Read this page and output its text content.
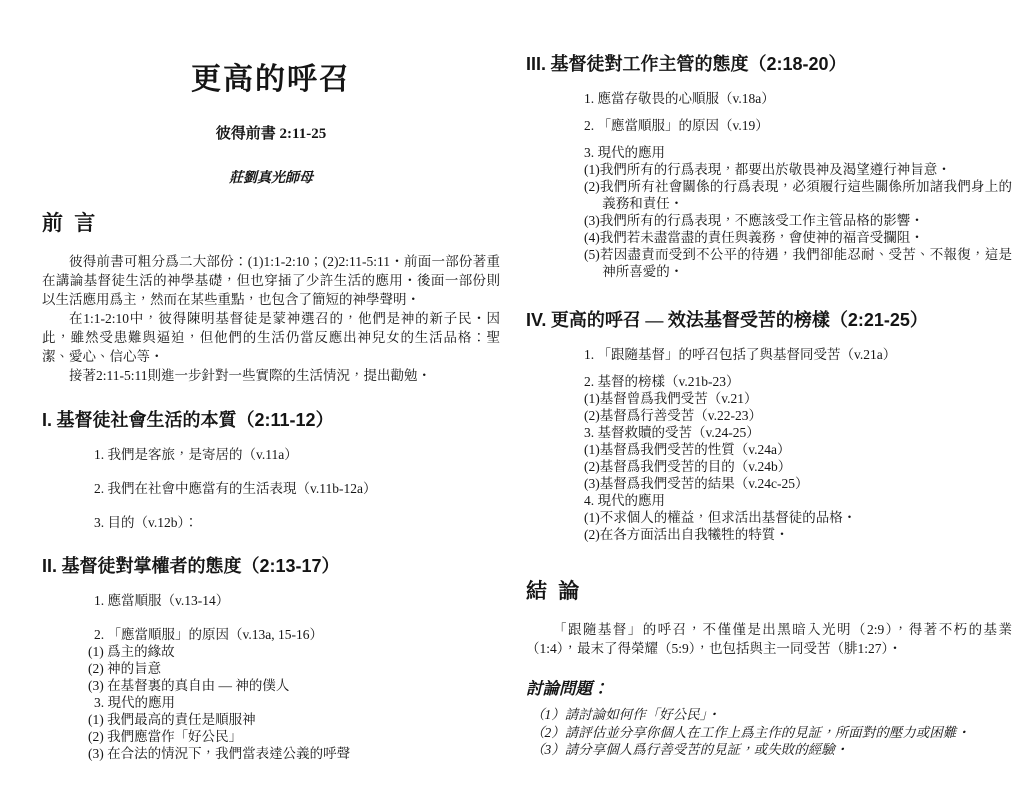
更高的呼召
彼得前書 2:11-25
莊劉真光師母
前 言

彼得前書可粗分爲二大部份：(1)1:1-2:10；(2)2:11-5:11・前面一部份著重在講論基督徒生活的神學基礎，但也穿插了少許生活的應用・後面一部份則以生活應用爲主，然而在某些重點，也包含了簡短的神學聲明・

在1:1-2:10中，彼得陳明基督徒是蒙神選召的，他們是神的新子民・因此，雖然受患難與逼迫，但他們的生活仍當反應出神兒女的生活品格：聖潔、愛心、信心等・

接著2:11-5:11則進一步針對一些實際的生活情況，提出勸勉・

I. 基督徒社會生活的本質（2:11-12）
1. 我們是客旅，是寄居的（v.11a）
2. 我們在社會中應當有的生活表現（v.11b-12a）
3. 目的（v.12b）：
II. 基督徒對掌權者的態度（2:13-17）
1. 應當順服（v.13-14）
2. 「應當順服」的原因（v.13a, 15-16）
(1) 爲主的緣故
(2) 神的旨意
(3) 在基督裏的真自由 — 神的僕人
3. 現代的應用
(1) 我們最高的責任是順服神
(2) 我們應當作「好公民」
(3) 在合法的情況下，我們當表達公義的呼聲
III. 基督徒對工作主管的態度（2:18-20）
1. 應當存敬畏的心順服（v.18a）
2. 「應當順服」的原因（v.19）
3. 現代的應用
(1)我們所有的行爲表現，都要出於敬畏神及渴望遵行神旨意・
(2)我們所有社會關係的行爲表現，必須履行這些關係所加諸我們身上的義務和責任・
(3)我們所有的行爲表現，不應該受工作主管品格的影響・
(4)我們若未盡當盡的責任與義務，會使神的福音受攔阻・
(5)若因盡責而受到不公平的待遇，我們卻能忍耐、受苦、不報復，這是神所喜愛的・
IV. 更高的呼召 — 效法基督受苦的榜樣（2:21-25）
1. 「跟隨基督」的呼召包括了與基督同受苦（v.21a）
2. 基督的榜樣（v.21b-23）
(1)基督曾爲我們受苦（v.21）
(2)基督爲行善受苦（v.22-23）
3. 基督救贖的受苦（v.24-25）
(1)基督爲我們受苦的性質（v.24a）
(2)基督爲我們受苦的目的（v.24b）
(3)基督爲我們受苦的結果（v.24c-25）
4. 現代的應用
(1)不求個人的權益，但求活出基督徒的品格・
(2)在各方面活出自我犧牲的特質・
結 論

「跟隨基督」的呼召，不僅僅是出黑暗入光明（2:9），得著不朽的基業（1:4），最末了得榮耀（5:9），也包括與主一同受苦（腓1:27）・

討論問題：
（1）請討論如何作「好公民」・
（2）請評估並分享你個人在工作上爲主作的見証，所面對的壓力或困難・
（3）請分享個人爲行善受苦的見証，或失敗的經驗・
